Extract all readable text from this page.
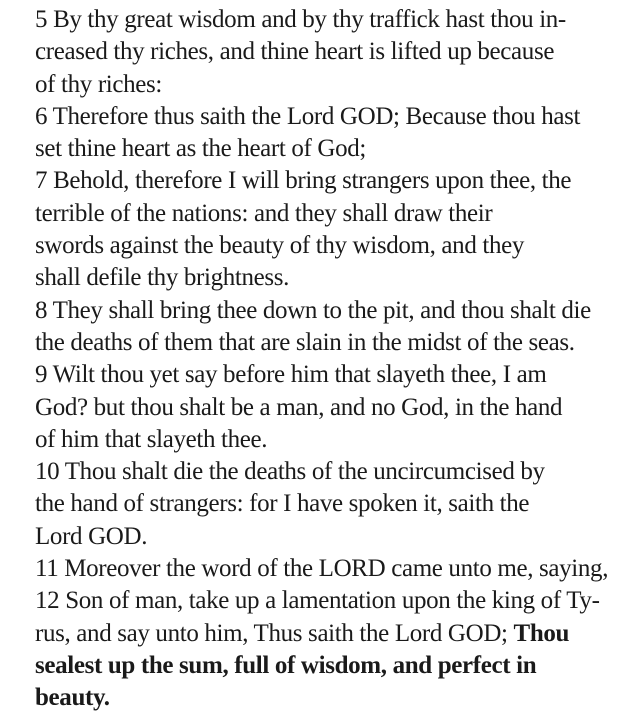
5 By thy great wisdom and by thy traffick hast thou in-
creased thy riches, and thine heart is lifted up because
of thy riches:
6 Therefore thus saith the Lord GOD; Because thou hast
set thine heart as the heart of God;
7 Behold, therefore I will bring strangers upon thee, the
terrible of the nations: and they shall draw their
swords against the beauty of thy wisdom, and they
shall defile thy brightness.
8 They shall bring thee down to the pit, and thou shalt die
the deaths of them that are slain in the midst of the seas.
9 Wilt thou yet say before him that slayeth thee, I am
God? but thou shalt be a man, and no God, in the hand
of him that slayeth thee.
10 Thou shalt die the deaths of the uncircumcised by
the hand of strangers: for I have spoken it, saith the
Lord GOD.
11 Moreover the word of the LORD came unto me, saying,
12 Son of man, take up a lamentation upon the king of Ty-
rus, and say unto him, Thus saith the Lord GOD; Thou
sealest up the sum, full of wisdom, and perfect in
beauty.
